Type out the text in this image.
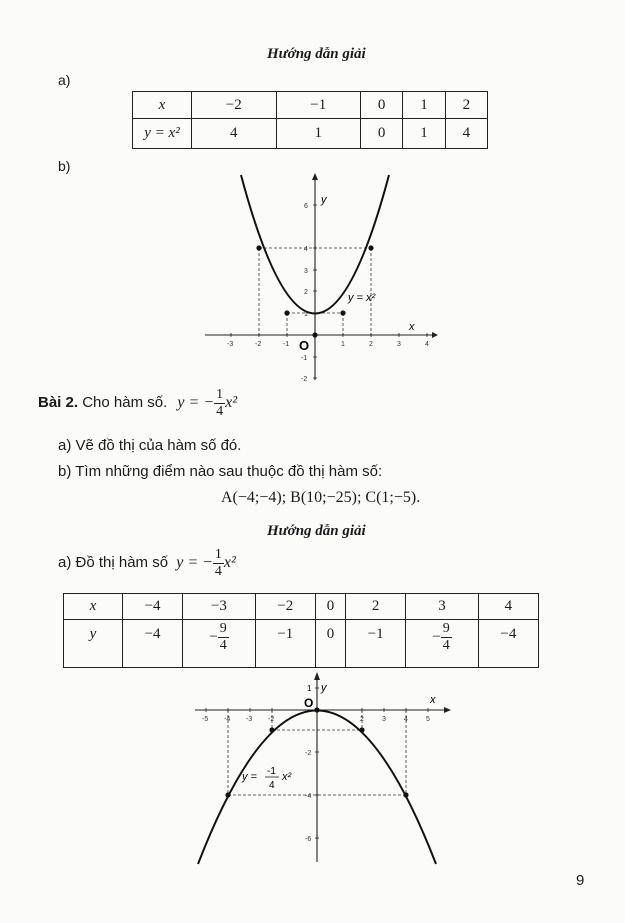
Hướng dẫn giải
a)
x	−2	−1	0	1	2
y = x²	4	1	0	1	4
b)
y
x
O
y = x²
-3	-2	-1	1	2	3	4
6
4
3
2
1
-1
-2
Bài 2. Cho hàm số. y = − $\frac{1}{4} x^2$
a) Vẽ đồ thị của hàm số đó.
b) Tìm những điểm nào sau thuộc đồ thị hàm số:
A(−4;−4); B(10;−25); C(1;−5).
Hướng dẫn giải
a) Đồ thị hàm số y = − $\frac{1}{4} x^2$
x	−4	−3	−2	0	2	3	4
y	−4	− $\frac{9}{4}$	−1	0	−1	− $\frac{9}{4}$	−4
y
1
x
O
-5 -4 -3 -2	2	3	4	5
-2
-4
-6
y = -1
4
x²
9
